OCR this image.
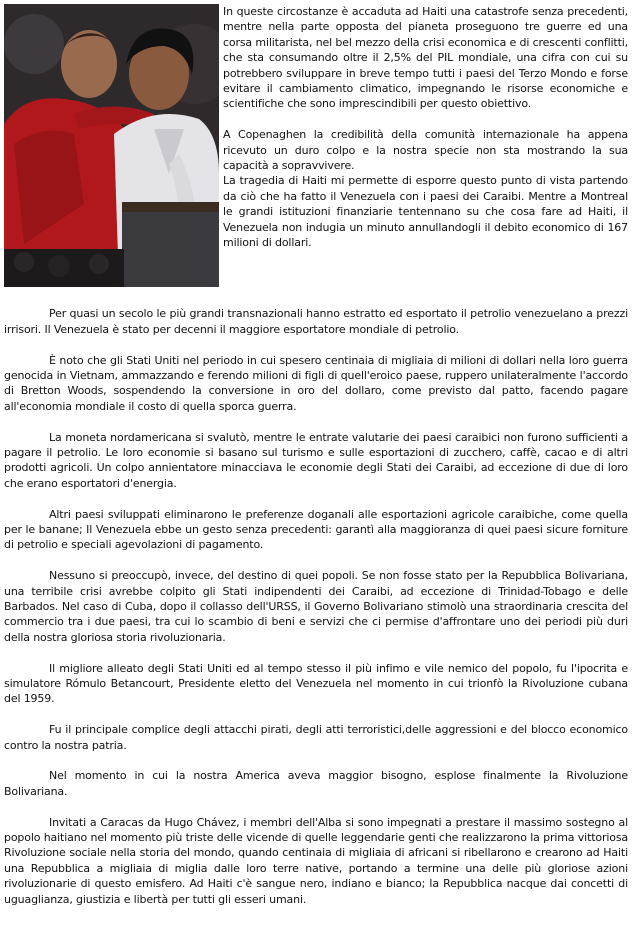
In queste circostanze è accaduta ad Haiti una catastrofe senza precedenti, mentre nella parte opposta del pianeta proseguono tre guerre ed una corsa militarista, nel bel mezzo della crisi economica e di crescenti conflitti, che sta consumando oltre il 2,5% del PIL mondiale, una cifra con cui su potrebbero sviluppare in breve tempo tutti i paesi del Terzo Mondo e forse evitare il cambiamento climatico, impegnando le risorse economiche e scientifiche che sono imprescindibili per questo obiettivo.

A Copenaghen la credibilità della comunità internazionale ha appena ricevuto un duro colpo e la nostra specie non sta mostrando la sua capacità a sopravvivere.

La tragedia di Haiti mi permette di esporre questo punto di vista partendo da ciò che ha fatto il Venezuela con i paesi dei Caraibi. Mentre a Montreal le grandi istituzioni finanziarie tentennano su che cosa fare ad Haiti, il Venezuela non indugia un minuto annullandogli il debito economico di 167 milioni di dollari.

Per quasi un secolo le più grandi transnazionali hanno estratto ed esportato il petrolio venezuelano a prezzi irrisori. Il Venezuela è stato per decenni il maggiore esportatore mondiale di petrolio.

È noto che gli Stati Uniti nel periodo in cui spesero centinaia di migliaia di milioni di dollari nella loro guerra genocida in Vietnam, ammazzando e ferendo milioni di figli di quell'eroico paese, ruppero unilateralmente l'accordo di Bretton Woods, sospendendo la conversione in oro del dollaro, come previsto dal patto, facendo pagare all'economia mondiale il costo di quella sporca guerra.

La moneta nordamericana si svalutò, mentre le entrate valutarie dei paesi caraibici non furono sufficienti a pagare il petrolio. Le loro economie si basano sul turismo e sulle esportazioni di zucchero, caffè, cacao e di altri prodotti agricoli. Un colpo annientatore minacciava le economie degli Stati dei Caraibi, ad eccezione di due di loro che erano esportatori d'energia.

Altri paesi sviluppati eliminarono le preferenze doganali alle esportazioni agricole caraibiche, come quella per le banane; Il Venezuela ebbe un gesto senza precedenti: garantì alla maggioranza di quei paesi sicure forniture di petrolio e speciali agevolazioni di pagamento.

Nessuno si preoccupò, invece, del destino di quei popoli. Se non fosse stato per la Repubblica Bolivariana, una terribile crisi avrebbe colpito gli Stati indipendenti dei Caraibi, ad eccezione di Trinidad-Tobago e delle Barbados. Nel caso di Cuba, dopo il collasso dell'URSS, il Governo Bolivariano stimolò una straordinaria crescita del commercio tra i due paesi, tra cui lo scambio di beni e servizi che ci permise d'affrontare uno dei periodi più duri della nostra gloriosa storia rivoluzionaria.

Il migliore alleato degli Stati Uniti ed al tempo stesso il più infimo e vile nemico del popolo, fu l'ipocrita e simulatore Rómulo Betancourt, Presidente eletto del Venezuela nel momento in cui trionfò la Rivoluzione cubana del 1959.

Fu il principale complice degli attacchi pirati, degli atti terroristici,delle aggressioni e del blocco economico contro la nostra patria.

Nel momento in cui la nostra America aveva maggior bisogno, esplose finalmente la Rivoluzione Bolivariana.

Invitati a Caracas da Hugo Chávez, i membri dell'Alba si sono impegnati a prestare il massimo sostegno al popolo haitiano nel momento più triste delle vicende di quelle leggendarie genti che realizzarono la prima vittoriosa Rivoluzione sociale nella storia del mondo, quando centinaia di migliaia di africani si ribellarono e crearono ad Haiti una Repubblica a migliaia di miglia dalle loro terre native, portando a termine una delle più gloriose azioni rivoluzionarie di questo emisfero. Ad Haiti c'è sangue nero, indiano e bianco; la Repubblica nacque dai concetti di uguaglianza, giustizia e libertà per tutti gli esseri umani.
